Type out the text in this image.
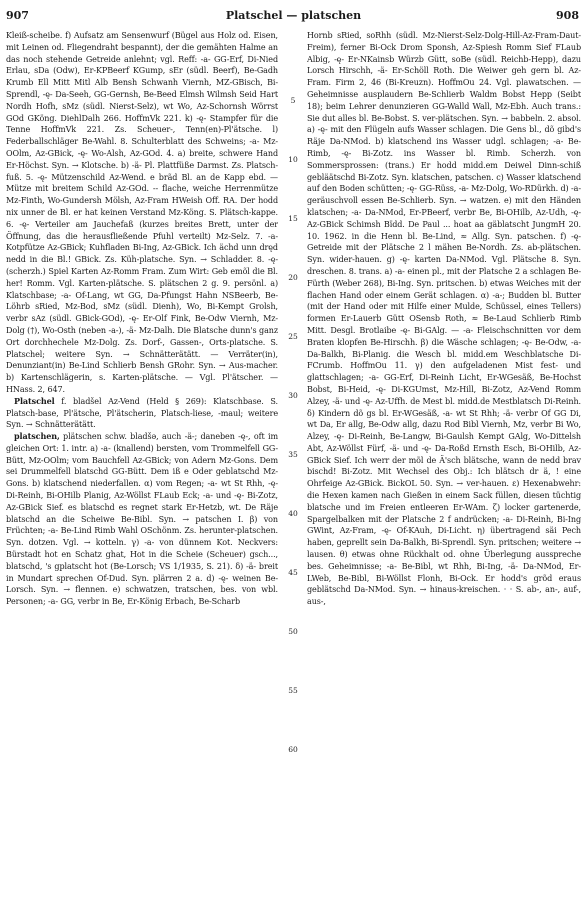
907	Platschel — platschen	908

Kleiß-scheibe. f) Aufsatz am Sensenwurf (Bügel aus Holz od. Eisen, mit Leinen od. Fliegendraht bespannt), der die gemähten Halme an das noch stehende Getreide anlehnt; vgl. Reff: -a- GG-Erf, Di-Nied Erlau, sDa (Odw), Er-KPBeerf KGump, sEr (südl. Beerf), Be-Gadh Krumb Ell Mitt Mitl Alb Bensh Schwanh Viernh, MZ-GBisch, Bi-Sprendl, -ę- Da-Seeh, GG-Gernsh, Be-Beed Elmsh Wilmsh Seid Hart Nordh Hofh, sMz (südl. Nierst-Selz), wt Wo, Az-Schornsh Wörrst GOd GKöng. DiehlDalh 266. HoffmVk 221. k) -ę- Stampfer für die Tenne HoffmVk 221. Zs. Scheuer-, Tenn(en)-Pl'ätsche. l) Federballschläger Be-Wahl. 8. Schulterblatt des Schweins; -a- Mz-OOlm, Az-GBick, -ę- Wo-Alsh, Az-GOd. 4. a) breite, schwere Hand Er-Höchst. Syn. → Klotsche. b) -ä- Pl. Plattfüße Darmst. Zs. Platsch-fuß. 5. -ę- Mützenschild Az-Wend. e brãd Bl. an de Kapp ebd. — Mütze mit breitem Schild Az-GOd. -- flache, weiche Herrenmütze Mz-Finth, Wo-Gundersh Mölsh, Az-Fram HWeish Off. RA. Der hodd nix unner de Bl. er hat keinen Verstand Mz-Köng. S. Plätsch-kappe. 6. -ę- Verteiler am Jauchefaß (kurzes breites Brett, unter der Öffnung, das die herausfließende Pfuhl verteilt) Mz-Selz. 7. -a- Kotpfütze Az-GBick; Kuhfladen Bi-Ing, Az-GBick. Ich ächd unn dręd nedd in die Bl.! GBick. Zs. Küh-platsche. Syn. → Schladder. 8. -ę- (scherzh.) Spiel Karten Az-Romm Fram. Zum Wirt: Geb emõl die Bl. her! Romm. Vgl. Karten-plätsche. S. plätschen 2 g. 9. persönl. a) Klatschbase; -a- Of-Lang, wt GG, Da-Pfungst Hahn NSBeerb, Be-Löhrb sRied, Mz-Bod, sMz (südl. Dienh), Wo, Bi-Kempt Grolsh, verbr sAz (südl. GBick-GOd), -ę- Er-Olf Fink, Be-Odw Viernh, Mz-Dolg (†), Wo-Osth (neben -a-), -ä- Mz-Dalh. Die Blatsche dunn's ganz Ort dorchhechele Mz-Dolg. Zs. Dorf-, Gassen-, Orts-platsche. S. Platschel; weitere Syn. → Schnätterätätt. — Verräter(in), Denunziant(in) Be-Lind Schlierb Bensh GRohr. Syn. → Aus-macher. b) Kartenschlägerin, s. Karten-plätsche. — Vgl. Pl'ätscher. — HNass. 2, 647.

Platschel f. bladšel Az-Vend (Held § 269): Klatschbase. S. Platsch-base, Pl'ätsche, Pl'ätscherin, Platsch-liese, -maul; weitere Syn. → Schnätterätätt.

platschen, plätschen schw. bladšə, auch -ä-; daneben -ę-, oft im gleichen Ort: 1. intr. a) -a- (knallend) bersten, vom Trommelfell GG-Bütt, Mz-OOlm; vom Bauchfell Az-GBick; von Adern Mz-Gons. Dem sei Drummelfell blatschd GG-Bütt. Dem iß e Oder geblatschd Mz-Gons. b) klatschend niederfallen. α) vom Regen; -a- wt St Rhh, -ę- Di-Reinh, Bi-OHilb Planig, Az-Wöllst FLaub Eck; -a- und -ę- Bi-Zotz, Az-GBick Sief. es blatschd es regnet stark Er-Hetzb, wt. De Räje blatschd an die Scheiwe Be-Bibl. Syn. → patschen I. β) von Früchten; -a- Be-Lind Rimb Wahl OSchönm. Zs. herunter-platschen. Syn. dotzen. Vgl. → kotteln. γ) -a- von dünnem Kot. Neckvers: Bürstadt hot en Schatz ghat, Hot in die Scheie (Scheuer) gsch..., blatschd, 's gplatscht hot (Be-Lorsch; VS 1/1935, S. 21). δ) -ä- breit in Mundart sprechen Of-Dud. Syn. plärren 2 a. d) -ę- weinen Be-Lorsch. Syn. → flennen. e) schwatzen, tratschen, bes. von wbl. Personen; -a- GG, verbr in Be, Er-König Erbach, Be-Scharb

5
10
15
20
25
30
35
40
45
50
55
60

Hornb sRied, soRhh (südl. Mz-Nierst-Selz-Dolg-Hill-Az-Fram-Daut-Freim), ferner Bi-Ock Drom Sponsh, Az-Spiesh Romm Sief FLaub Albig, -ę- Er-NKainsb Würzb Gütt, soBe (südl. Reichb-Hepp), dazu Lorsch Hirschh, -ä- Er-Schöll Roth. Die Weiwer geh gern bl. Az-Fram. Firm 2, 46 (Bi-Kreuzn). HoffmOu 24. Vgl. plawatschen. — Geheimnisse ausplaudern Be-Schlierb Waldm Bobst Hepp (Seibt 18); beim Lehrer denunzieren GG-Walld Wall, Mz-Ebh. Auch trans.: Sie dut alles bl. Be-Bobst. S. ver-plätschen. Syn. → babbeln. 2. absol. a) -ę- mit den Flügeln aufs Wasser schlagen. Die Gens bl., dõ gibd's Räje Da-NMod. b) klatschend ins Wasser udgl. schlagen; -a- Be-Rimb, -ę- Bi-Zotz. ins Wasser bl. Rimb. Scherzh. von Sommersprossen: (trans.) Er hodd midd.em Deiwel Dinn-schiß gebläätschd Bi-Zotz. Syn. klatschen, patschen. c) Wasser klatschend auf den Boden schütten; -ę- GG-Rüss, -a- Mz-Dolg, Wo-RDürkh. d) -a- geräuschvoll essen Be-Schlierb. Syn. → watzen. e) mit den Händen klatschen; -a- Da-NMod, Er-PBeerf, verbr Be, Bi-OHilb, Az-Udh, -ę- Az-GBick Schimsh Bïdd. De Paul ... hoat aa gäblatscht JungmH 20. 10. 1962. in die Henn bl. Be-Lind, ≈ Allg. Syn. patschen. f) -ę- Getreide mit der Plätsche 2 l mähen Be-Nordh. Zs. ab-plätschen. Syn. wider-hauen. g) -ę- karten Da-NMod. Vgl. Plätsche 8. Syn. dreschen. 8. trans. a) -a- einen pl., mit der Platsche 2 a schlagen Be-Fürth (Weber 268), Bi-Ing. Syn. pritschen. b) etwas Weiches mit der flachen Hand oder einem Gerät schlagen. α) -a-; Budden bl. Butter (mit der Hand oder mit Hilfe einer Mulde, Schüssel, eines Tellers) formen Er-Lauerb Gütt OSensb Roth, ≈ Be-Laud Schlierb Rimb Mitt. Desgl. Brotlaibe -ę- Bi-GAlg. — -a- Fleischschnitten vor dem Braten klopfen Be-Hirschh. β) die Wäsche schlagen; -ę- Be-Odw, -a- Da-Balkh, Bi-Planig. die Wesch bl. midd.em Weschblatsche Di-FCrumb. HoffmOu 11. γ) den aufgeladenen Mist fest- und glattschlagen; -a- GG-Erf, Di-Reinh Licht, Er-WGesäß, Be-Hochst Bobst, Bi-Heid, -ę- Di-KGUmst, Mz-Hill, Bi-Zotz, Az-Vend Romm Alzey, -ä- und -ę- Az-Uffh. de Mest bl. midd.de Mestblatsch Di-Reinh. δ) Kindern dõ gs bl. Er-WGesäß, -a- wt St Rhh; -ä- verbr Of GG Di, wt Da, Er allg, Be-Odw allg, dazu Rod Bibl Viernh, Mz, verbr Bi Wo, Alzey, -ę- Di-Reinh, Be-Langw, Bi-Gaulsh Kempt GAlg, Wo-Dittelsh Abt, Az-Wöllst Fürf, -ä- und -ę- Da-Roßd Ernsth Esch, Bi-OHilb, Az-GBick Sief. Ich werr der mõl de Ä'sch blätsche, wann de nedd brav bischd! Bi-Zotz. Mit Wechsel des Obj.: Ich blätsch dr ä, ! eine Ohrfeige Az-GBick. BickOL 50. Syn. → ver-hauen. ε) Hexenabwehr: die Hexen kamen nach Gießen in einem Sack füllen, diesen tüchtig blatsche und im Freien entleeren Er-WAm. ζ) locker gartenerde, Spargelbalken mit der Platsche 2 f andrücken; -a- Di-Reinh, Bi-Ing GWint, Az-Fram, -ę- Of-KAuh, Di-Licht. η) übertragend säi Pech haben, geprellt sein Da-Balkh, Bi-Sprendl. Syn. pritschen; weitere → lausen. θ) etwas ohne Rückhalt od. ohne Überlegung ausspreche bes. Geheimnisse; -a- Be-Bibl, wt Rhh, Bi-Ing, -ä- Da-NMod, Er-LWeb, Be-Bibl, Bi-Wöllst Flonh, Bi-Ock. Er hodd's grõd eraus geblätschd Da-NMod. Syn. → hinaus-kreischen. · · S. ab-, an-, auf-, aus-,
